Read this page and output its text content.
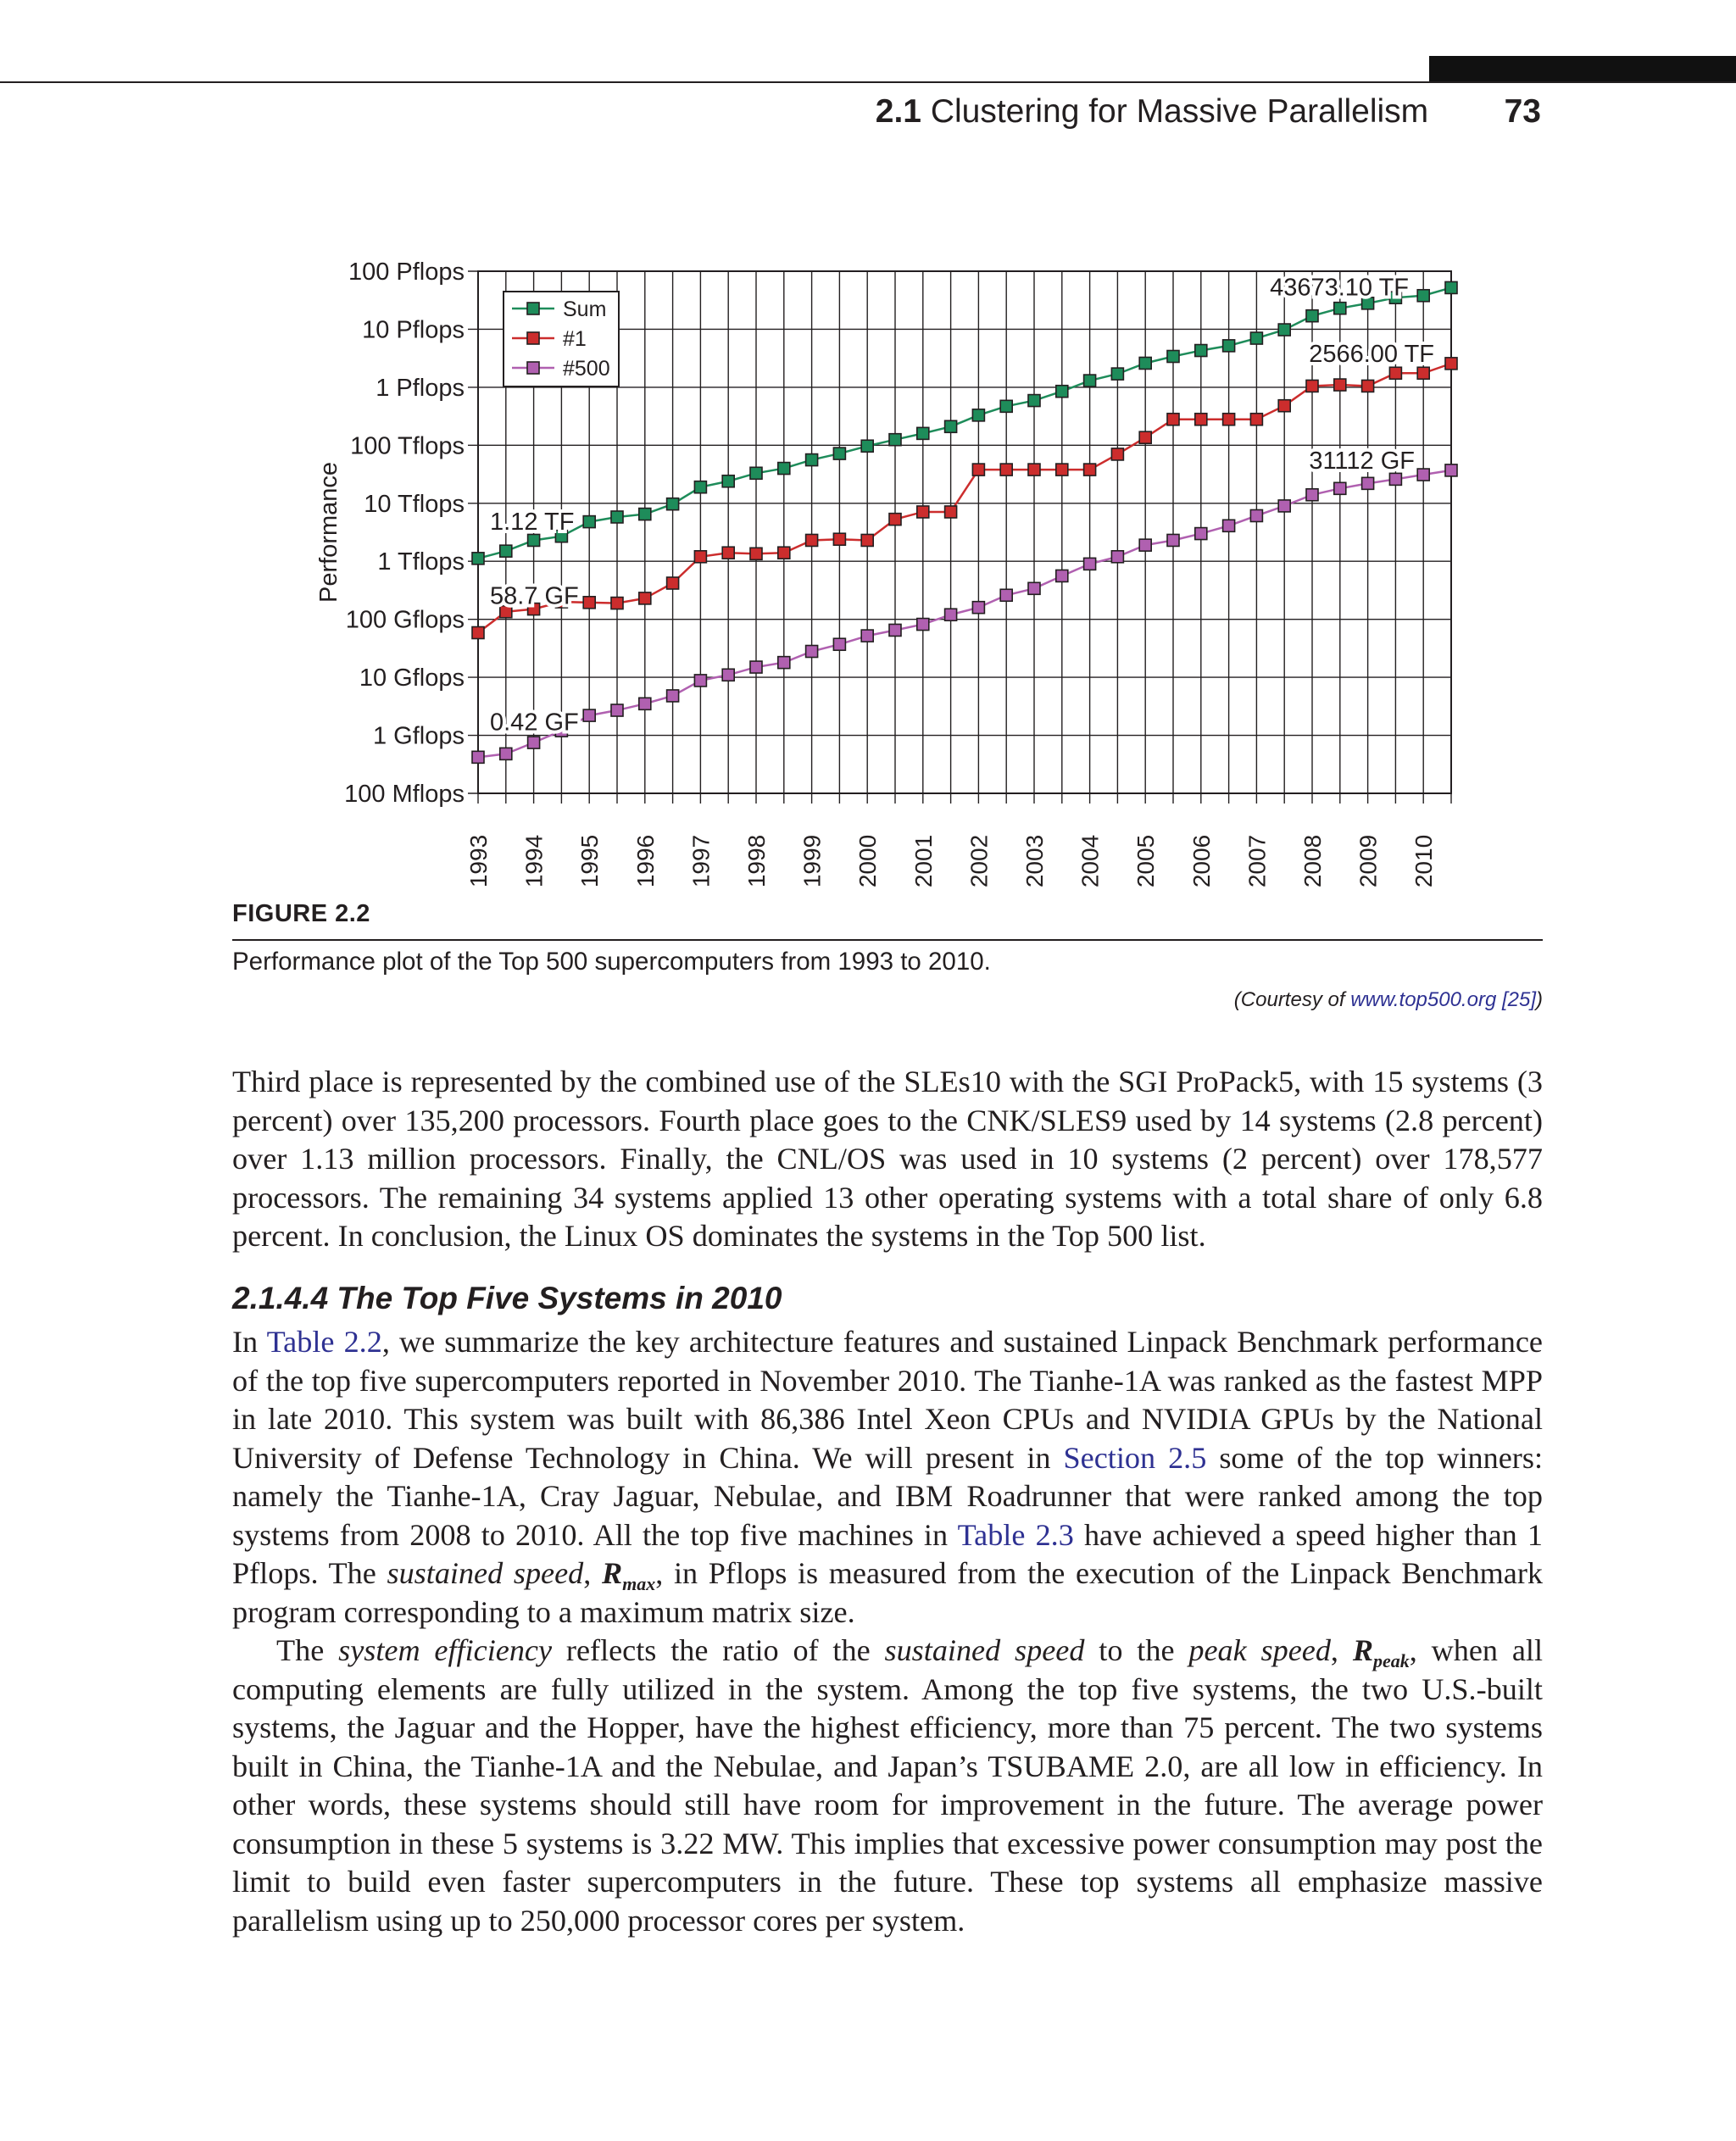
2.1 Clustering for Massive Parallelism 73
100 Mflops
1 Gflops
10 Gflops
100 Gflops
1 Tflops
10 Tflops
100 Tflops
1 Pflops
10 Pflops
100 Pflops
1993 1994 1995 1996 1997 1998 1999 2000 2001 2002 2003 2004 2005 2006 2007 2008 2009 2010
Performance	1.12 TF
58.7 GF
0.42 GF
43673.10 TF
2566.00 TF
31112 GF
Sum
#1
#500
FIGURE 2.2
Performance plot of the Top 500 supercomputers from 1993 to 2010.
(Courtesy of www.top500.org [25])

Third place is represented by the combined use of the SLEs10 with the SGI ProPack5, with 15 systems (3 percent) over 135,200 processors. Fourth place goes to the CNK/SLES9 used by 14 systems (2.8 percent) over 1.13 million processors. Finally, the CNL/OS was used in 10 systems (2 percent) over 178,577 processors. The remaining 34 systems applied 13 other operating systems with a total share of only 6.8 percent. In conclusion, the Linux OS dominates the systems in the Top 500 list.

2.1.4.4 The Top Five Systems in 2010

In Table 2.2, we summarize the key architecture features and sustained Linpack Benchmark performance of the top five supercomputers reported in November 2010. The Tianhe-1A was ranked as the fastest MPP in late 2010. This system was built with 86,386 Intel Xeon CPUs and NVIDIA GPUs by the National University of Defense Technology in China. We will present in Section 2.5 some of the top winners: namely the Tianhe-1A, Cray Jaguar, Nebulae, and IBM Roadrunner that were ranked among the top systems from 2008 to 2010. All the top five machines in Table 2.3 have achieved a speed higher than 1 Pflops. The sustained speed, $R_{max}$, in Pflops is measured from the execution of the Linpack Benchmark program corresponding to a maximum matrix size.

The system efficiency reflects the ratio of the sustained speed to the peak speed, $R_{peak}$, when all computing elements are fully utilized in the system. Among the top five systems, the two U.S.-built systems, the Jaguar and the Hopper, have the highest efficiency, more than 75 percent. The two systems built in China, the Tianhe-1A and the Nebulae, and Japan’s TSUBAME 2.0, are all low in efficiency. In other words, these systems should still have room for improvement in the future. The average power consumption in these 5 systems is 3.22 MW. This implies that excessive power consumption may post the limit to build even faster supercomputers in the future. These top systems all emphasize massive parallelism using up to 250,000 processor cores per system.
